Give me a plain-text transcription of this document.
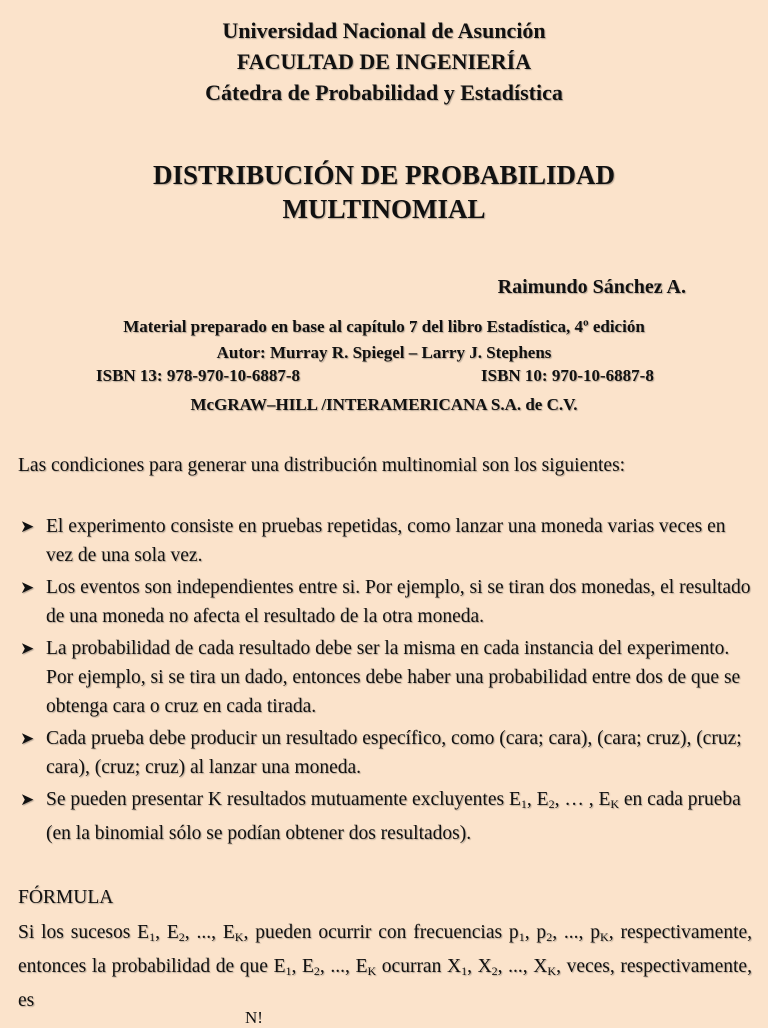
Universidad Nacional de Asunción
FACULTAD DE INGENIERÍA
Cátedra de Probabilidad y Estadística
DISTRIBUCIÓN DE PROBABILIDAD
MULTINOMIAL
Raimundo Sánchez A.
Material preparado en base al capítulo 7 del libro Estadística, 4º edición
Autor: Murray R. Spiegel – Larry J. Stephens
ISBN 13: 978-970-10-6887-8	ISBN 10: 970-10-6887-8
McGRAW–HILL /INTERAMERICANA S.A. de C.V.
Las condiciones para generar una distribución multinomial son los siguientes:
➤ El experimento consiste en pruebas repetidas, como lanzar una moneda varias veces en vez de una sola vez.
➤ Los eventos son independientes entre si. Por ejemplo, si se tiran dos monedas, el resultado de una moneda no afecta el resultado de la otra moneda.
➤ La probabilidad de cada resultado debe ser la misma en cada instancia del experimento. Por ejemplo, si se tira un dado, entonces debe haber una probabilidad entre dos de que se obtenga cara o cruz en cada tirada.
➤ Cada prueba debe producir un resultado específico, como (cara; cara), (cara; cruz), (cruz; cara), (cruz; cruz) al lanzar una moneda.
➤ Se pueden presentar K resultados mutuamente excluyentes $E_1$, $E_2$, … , $E_K$ en cada prueba (en la binomial sólo se podían obtener dos resultados).
FÓRMULA
Si los sucesos $E_1$, $E_2$, ..., $E_K$, pueden ocurrir con frecuencias $p_1$, $p_2$, ..., $p_K$, respectivamente, entonces la probabilidad de que $E_1$, $E_2$, ..., $E_K$ ocurran $X_1$, $X_2$, ..., $X_K$, veces, respectivamente, es
N!
